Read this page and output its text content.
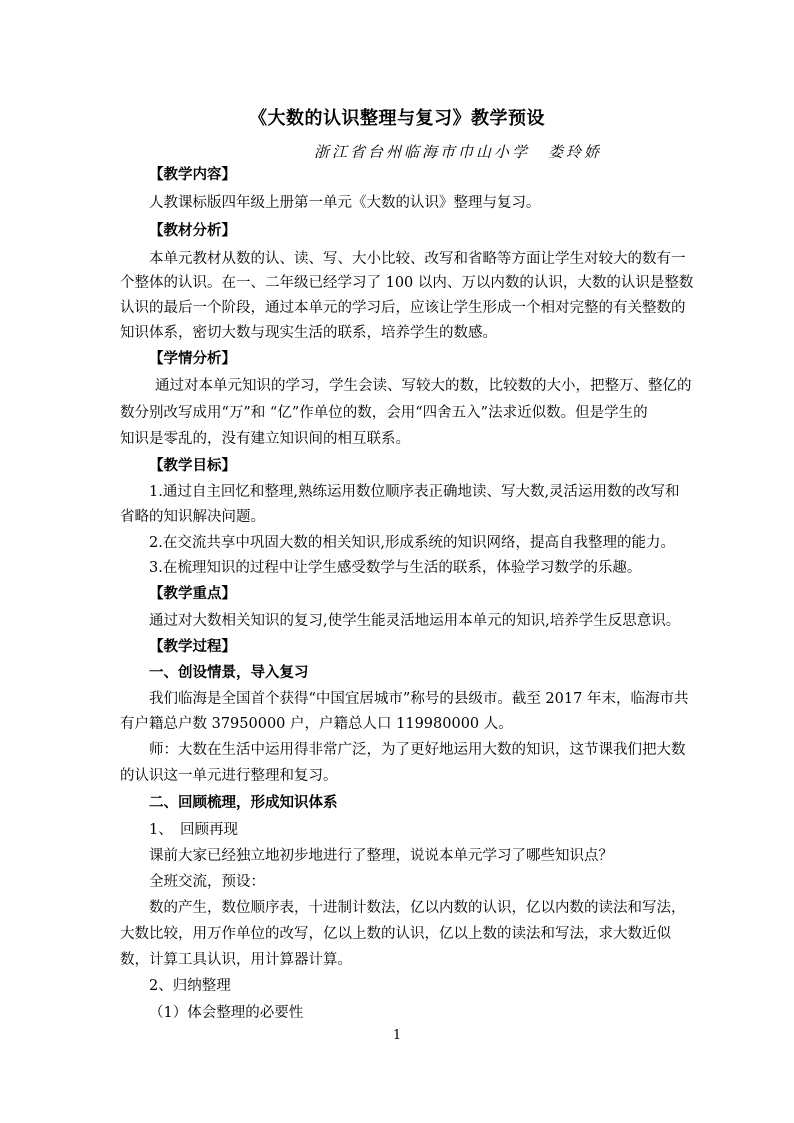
《大数的认识整理与复习》教学预设
浙江省台州临海市巾山小学　娄玲娇
【教学内容】
人教课标版四年级上册第一单元《大数的认识》整理与复习。
【教材分析】
本单元教材从数的认、读、写、大小比较、改写和省略等方面让学生对较大的数有一
个整体的认识。在一、二年级已经学习了 100 以内、万以内数的认识，大数的认识是整数
认识的最后一个阶段，通过本单元的学习后，应该让学生形成一个相对完整的有关整数的
知识体系，密切大数与现实生活的联系，培养学生的数感。
【学情分析】
通过对本单元知识的学习，学生会读、写较大的数，比较数的大小，把整万、整亿的
数分别改写成用“万”和 “亿”作单位的数，会用“四舍五入”法求近似数。但是学生的
知识是零乱的，没有建立知识间的相互联系。
【教学目标】
1.通过自主回忆和整理,熟练运用数位顺序表正确地读、写大数,灵活运用数的改写和
省略的知识解决问题。
2.在交流共享中巩固大数的相关知识,形成系统的知识网络，提高自我整理的能力。
3.在梳理知识的过程中让学生感受数学与生活的联系，体验学习数学的乐趣。
【教学重点】
通过对大数相关知识的复习,使学生能灵活地运用本单元的知识,培养学生反思意识。
【教学过程】
一、创设情景，导入复习
我们临海是全国首个获得“中国宜居城市”称号的县级市。截至 2017 年末，临海市共
有户籍总户数 37950000 户，户籍总人口 119980000 人。
师：大数在生活中运用得非常广泛，为了更好地运用大数的知识，这节课我们把大数
的认识这一单元进行整理和复习。
二、回顾梳理，形成知识体系
1、　回顾再现
课前大家已经独立地初步地进行了整理，说说本单元学习了哪些知识点？
全班交流，预设：
数的产生，数位顺序表，十进制计数法，亿以内数的认识，亿以内数的读法和写法，
大数比较，用万作单位的改写，亿以上数的认识，亿以上数的读法和写法，求大数近似
数，计算工具认识，用计算器计算。
2、归纳整理
（1）体会整理的必要性
1
